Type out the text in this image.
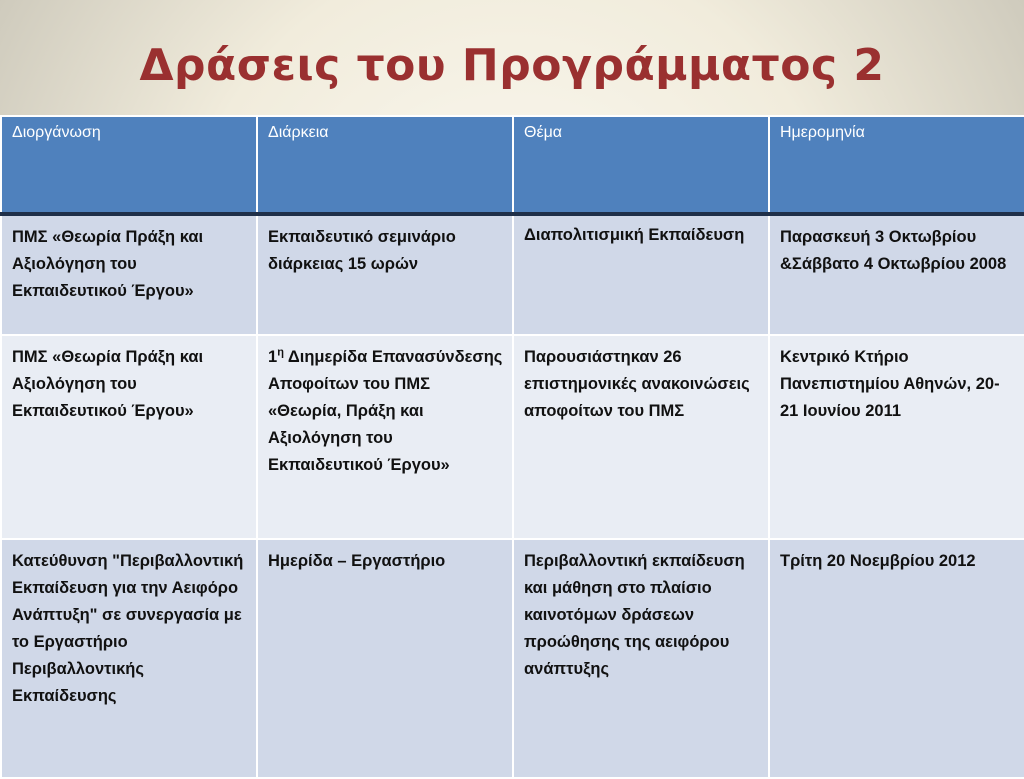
Δράσεις του Προγράμματος 2
Διοργάνωση	Διάρκεια	Θέμα	Ημερομηνία
ΠΜΣ «Θεωρία Πράξη και Αξιολόγηση του Εκπαιδευτικού Έργου»	Εκπαιδευτικό σεμινάριο διάρκειας 15 ωρών	Διαπολιτισμική Εκπαίδευση	Παρασκευή 3 Οκτωβρίου &Σάββατο 4 Οκτωβρίου 2008
ΠΜΣ «Θεωρία Πράξη και Αξιολόγηση του Εκπαιδευτικού Έργου»	$1^\eta$ Διημερίδα Επανασύνδεσης Αποφοίτων του ΠΜΣ «Θεωρία, Πράξη και Αξιολόγηση του Εκπαιδευτικού Έργου»	Παρουσιάστηκαν 26 επιστημονικές ανακοινώσεις αποφοίτων του ΠΜΣ	Κεντρικό Κτήριο Πανεπιστημίου Αθηνών, 20-21 Ιουνίου 2011
Κατεύθυνση "Περιβαλλοντική Εκπαίδευση για την Αειφόρο Ανάπτυξη" σε συνεργασία με το Εργαστήριο Περιβαλλοντικής Εκπαίδευσης	Ημερίδα – Εργαστήριο	Περιβαλλοντική εκπαίδευση και μάθηση στο πλαίσιο καινοτόμων δράσεων προώθησης της αειφόρου ανάπτυξης	Τρίτη 20 Νοεμβρίου 2012
